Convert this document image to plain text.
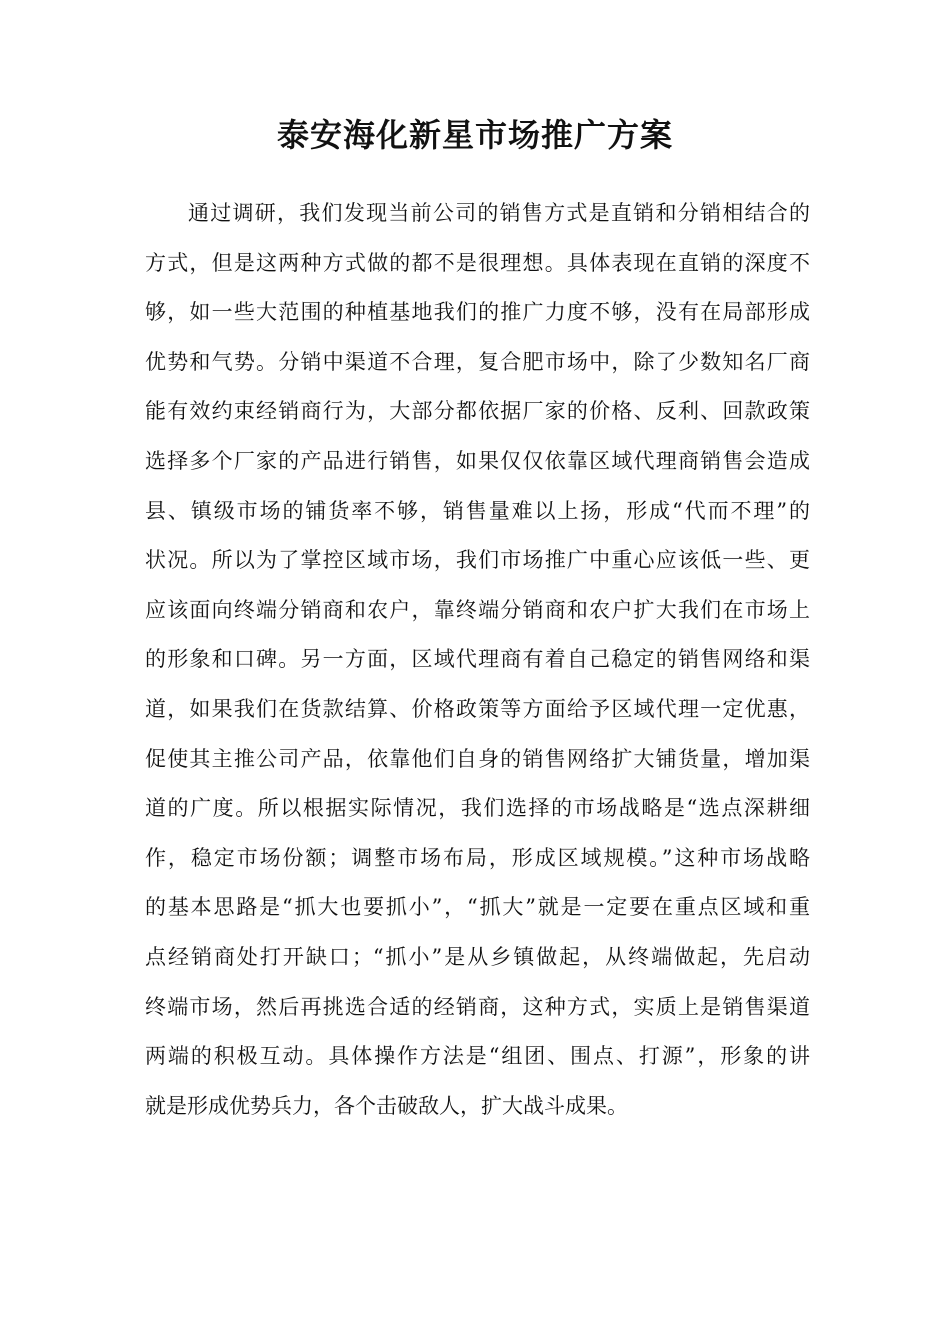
泰安海化新星市场推广方案
通过调研，我们发现当前公司的销售方式是直销和分销相结合的
方式，但是这两种方式做的都不是很理想。具体表现在直销的深度不
够，如一些大范围的种植基地我们的推广力度不够，没有在局部形成
优势和气势。分销中渠道不合理，复合肥市场中，除了少数知名厂商
能有效约束经销商行为，大部分都依据厂家的价格、反利、回款政策
选择多个厂家的产品进行销售，如果仅仅依靠区域代理商销售会造成
县、镇级市场的铺货率不够，销售量难以上扬，形成“代而不理”的
状况。所以为了掌控区域市场，我们市场推广中重心应该低一些、更
应该面向终端分销商和农户，靠终端分销商和农户扩大我们在市场上
的形象和口碑。另一方面，区域代理商有着自己稳定的销售网络和渠
道，如果我们在货款结算、价格政策等方面给予区域代理一定优惠，
促使其主推公司产品，依靠他们自身的销售网络扩大铺货量，增加渠
道的广度。所以根据实际情况，我们选择的市场战略是“选点深耕细
作，稳定市场份额；调整市场布局，形成区域规模。”这种市场战略
的基本思路是“抓大也要抓小”，“抓大”就是一定要在重点区域和重
点经销商处打开缺口；“抓小”是从乡镇做起，从终端做起，先启动
终端市场，然后再挑选合适的经销商，这种方式，实质上是销售渠道
两端的积极互动。具体操作方法是“组团、围点、打源”，形象的讲
就是形成优势兵力，各个击破敌人，扩大战斗成果。
